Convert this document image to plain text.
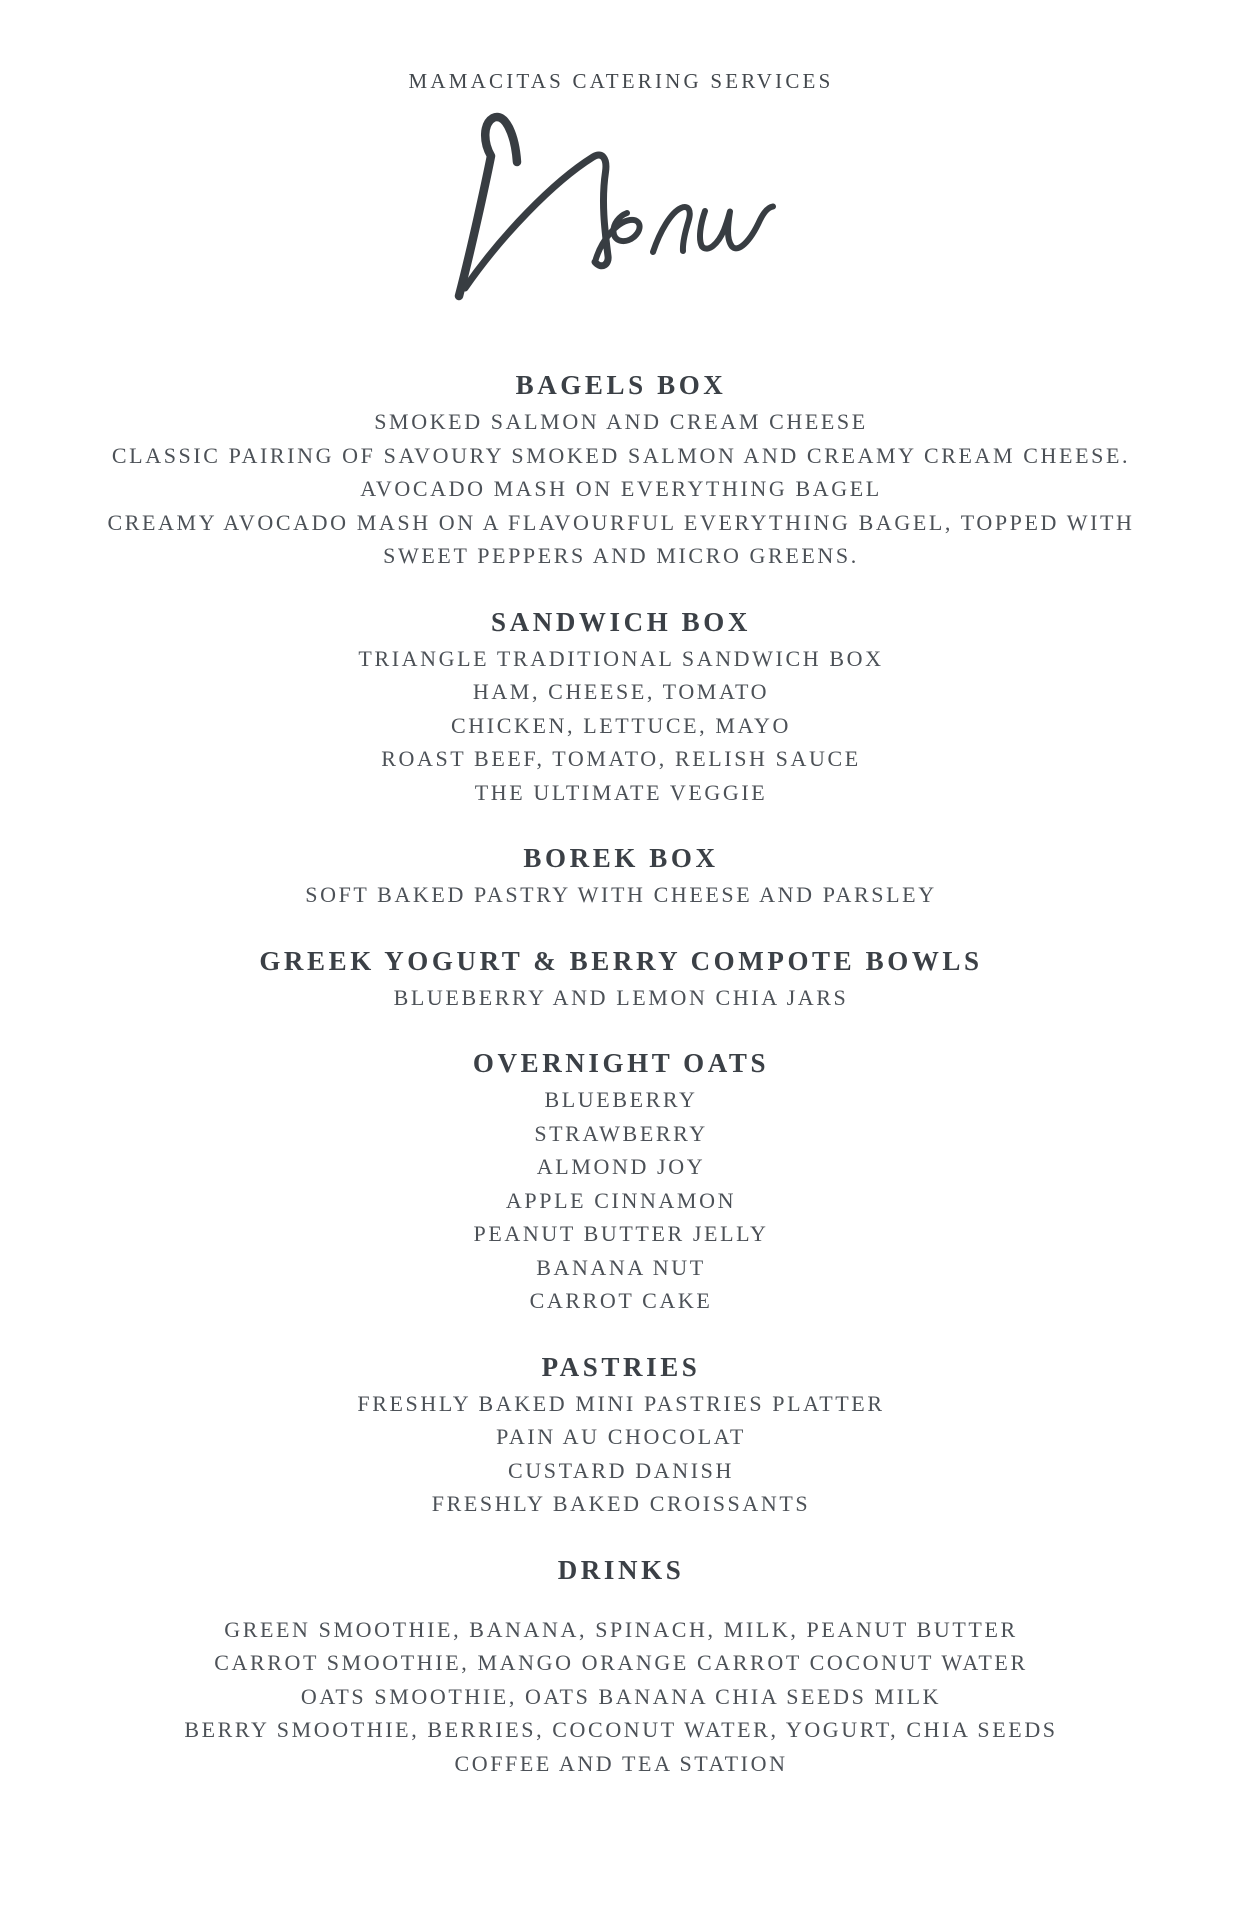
MAMACITAS CATERING SERVICES
BAGELS BOX

SMOKED SALMON AND CREAM CHEESE

CLASSIC PAIRING OF SAVOURY SMOKED SALMON AND CREAMY CREAM CHEESE.

AVOCADO MASH ON EVERYTHING BAGEL

CREAMY AVOCADO MASH ON A FLAVOURFUL EVERYTHING BAGEL, TOPPED WITH

SWEET PEPPERS AND MICRO GREENS.

SANDWICH BOX

TRIANGLE TRADITIONAL SANDWICH BOX

HAM, CHEESE, TOMATO

CHICKEN, LETTUCE, MAYO

ROAST BEEF, TOMATO, RELISH SAUCE

THE ULTIMATE VEGGIE

BOREK BOX

SOFT BAKED PASTRY WITH CHEESE AND PARSLEY

GREEK YOGURT & BERRY COMPOTE BOWLS

BLUEBERRY AND LEMON CHIA JARS

OVERNIGHT OATS

BLUEBERRY

STRAWBERRY

ALMOND JOY

APPLE CINNAMON

PEANUT BUTTER JELLY

BANANA NUT

CARROT CAKE

PASTRIES

FRESHLY BAKED MINI PASTRIES PLATTER

PAIN AU CHOCOLAT

CUSTARD DANISH

FRESHLY BAKED CROISSANTS

DRINKS

GREEN SMOOTHIE, BANANA, SPINACH, MILK, PEANUT BUTTER

CARROT SMOOTHIE, MANGO ORANGE CARROT COCONUT WATER

OATS SMOOTHIE, OATS BANANA CHIA SEEDS MILK

BERRY SMOOTHIE, BERRIES, COCONUT WATER, YOGURT, CHIA SEEDS

COFFEE AND TEA STATION
